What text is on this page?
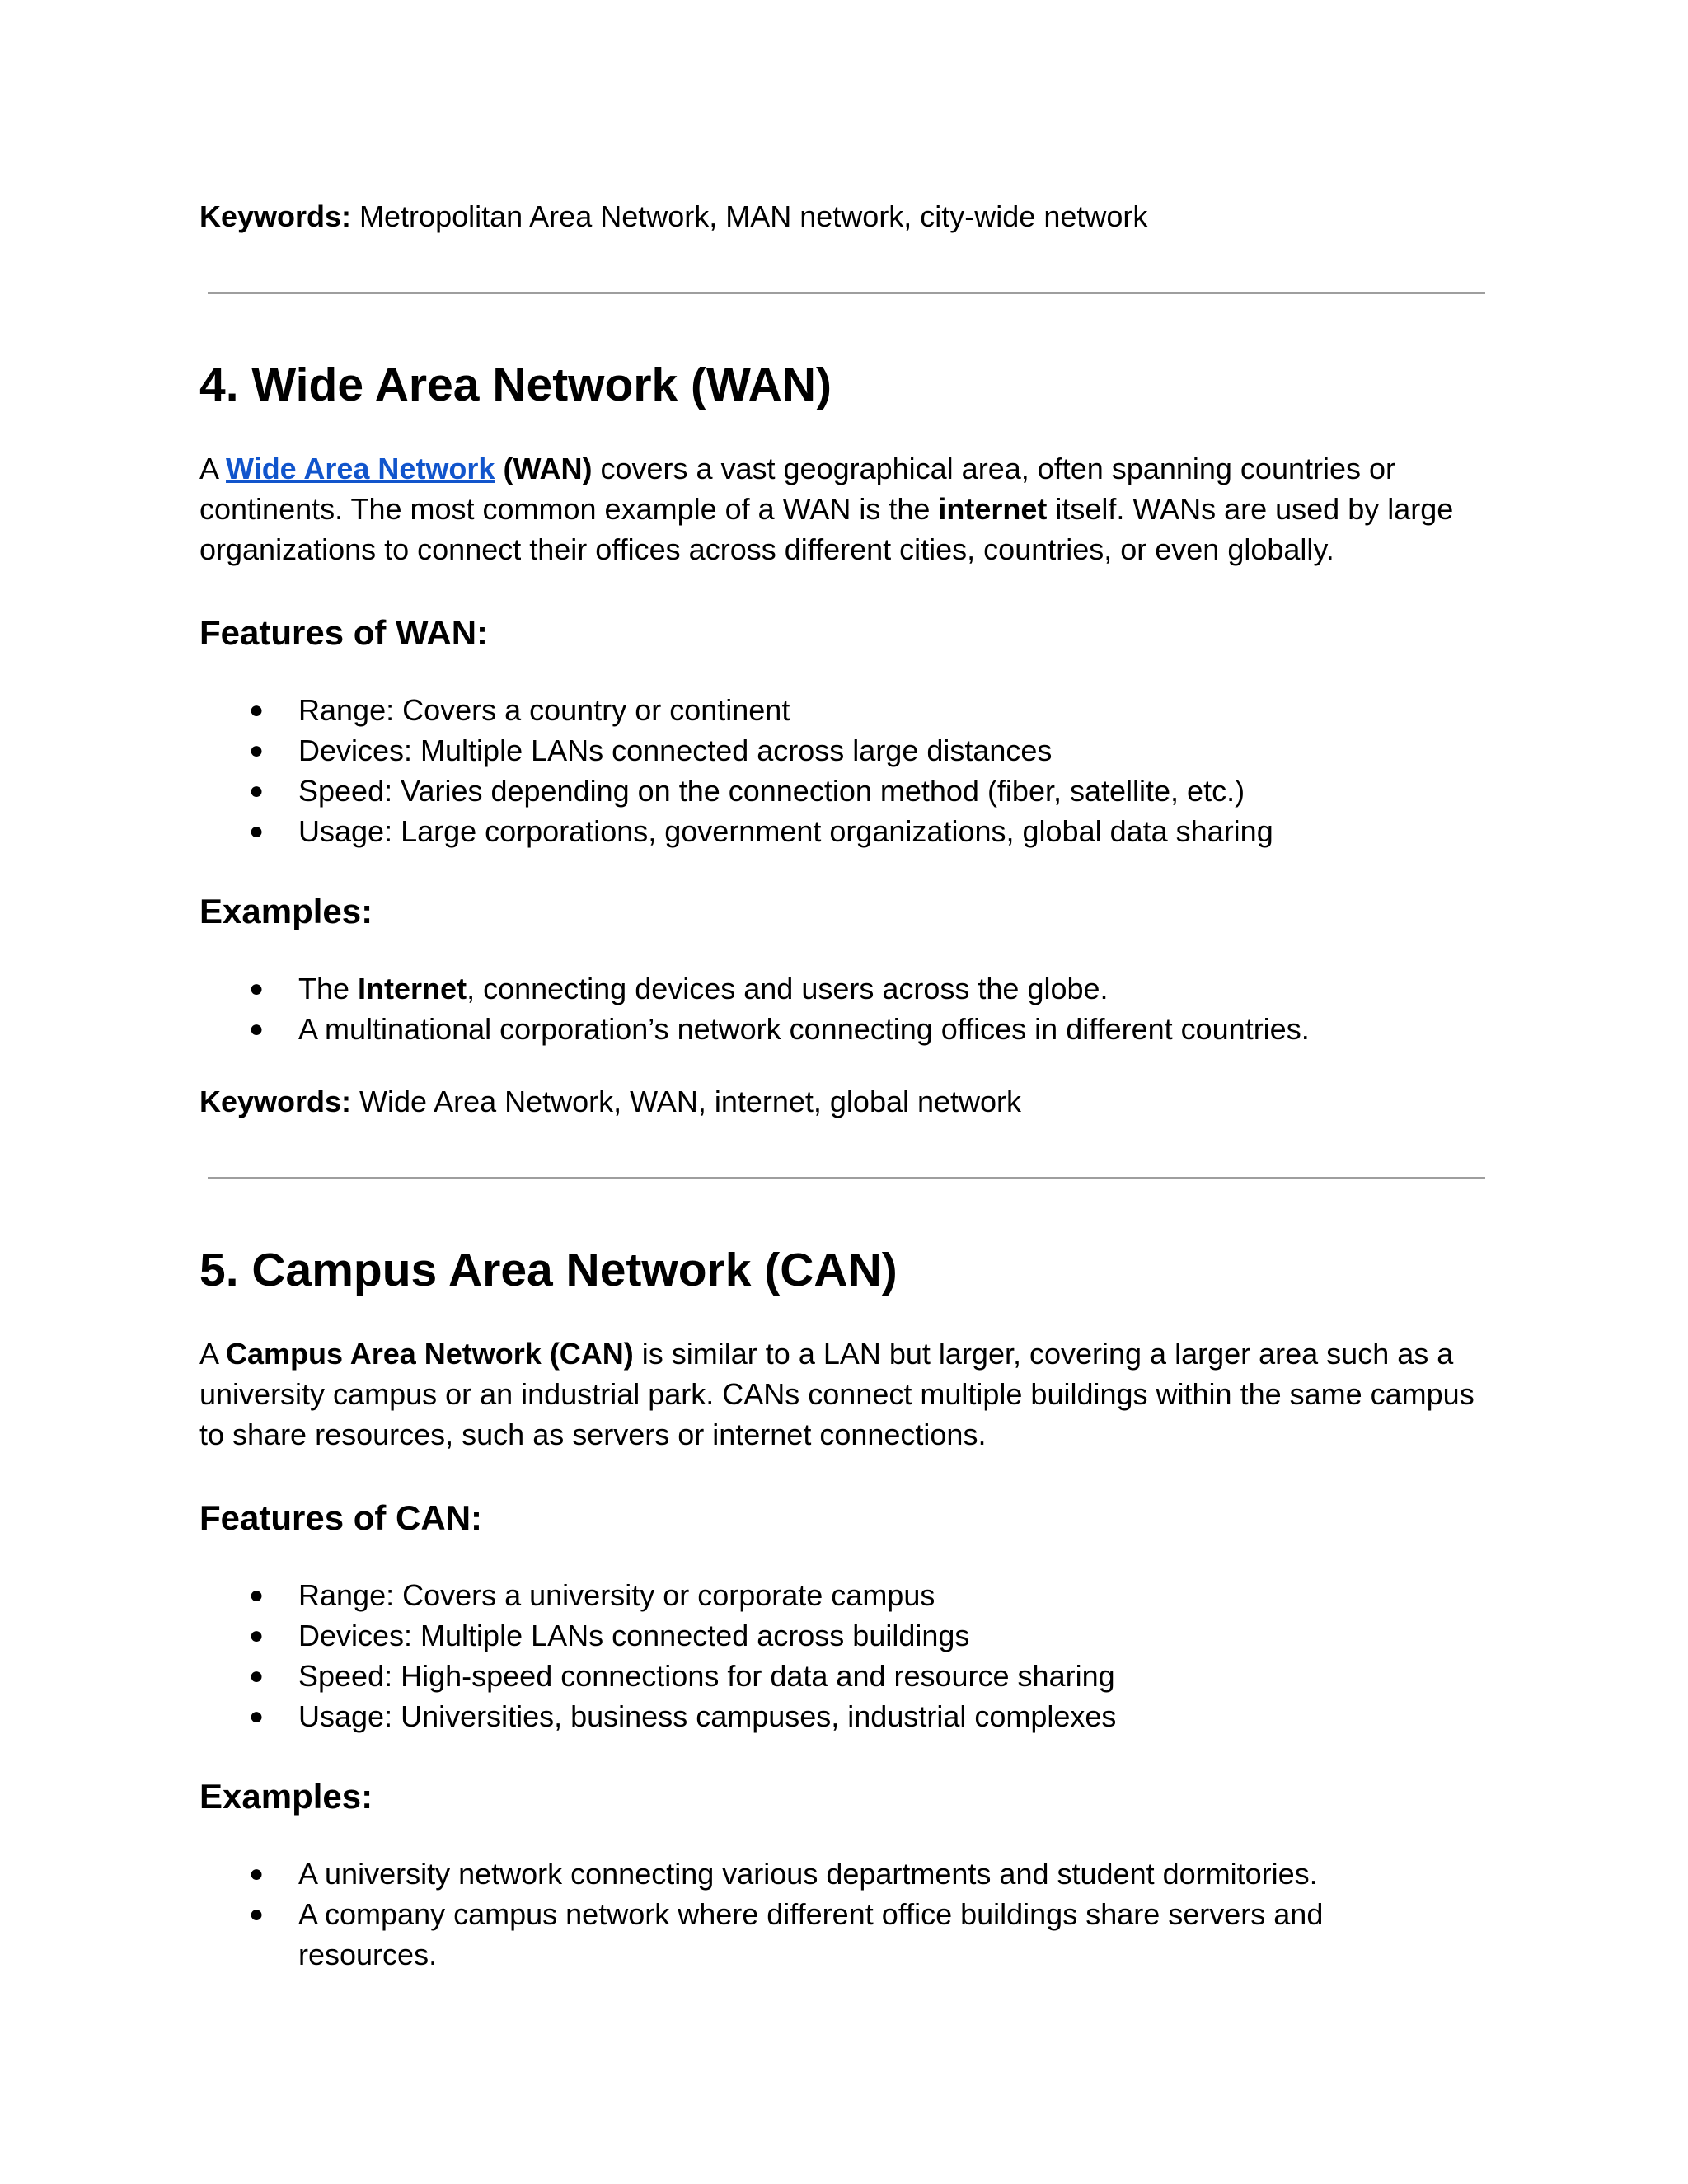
Keywords: Metropolitan Area Network, MAN network, city-wide network

4. Wide Area Network (WAN)

A Wide Area Network (WAN) covers a vast geographical area, often spanning countries or continents. The most common example of a WAN is the internet itself. WANs are used by large organizations to connect their offices across different cities, countries, or even globally.

Features of WAN:
● Range: Covers a country or continent
● Devices: Multiple LANs connected across large distances
● Speed: Varies depending on the connection method (fiber, satellite, etc.)
● Usage: Large corporations, government organizations, global data sharing
Examples:
● The Internet, connecting devices and users across the globe.
● A multinational corporation’s network connecting offices in different countries.

Keywords: Wide Area Network, WAN, internet, global network

5. Campus Area Network (CAN)

A Campus Area Network (CAN) is similar to a LAN but larger, covering a larger area such as a university campus or an industrial park. CANs connect multiple buildings within the same campus to share resources, such as servers or internet connections.

Features of CAN:
● Range: Covers a university or corporate campus
● Devices: Multiple LANs connected across buildings
● Speed: High-speed connections for data and resource sharing
● Usage: Universities, business campuses, industrial complexes
Examples:
● A university network connecting various departments and student dormitories.
● A company campus network where different office buildings share servers and resources.
